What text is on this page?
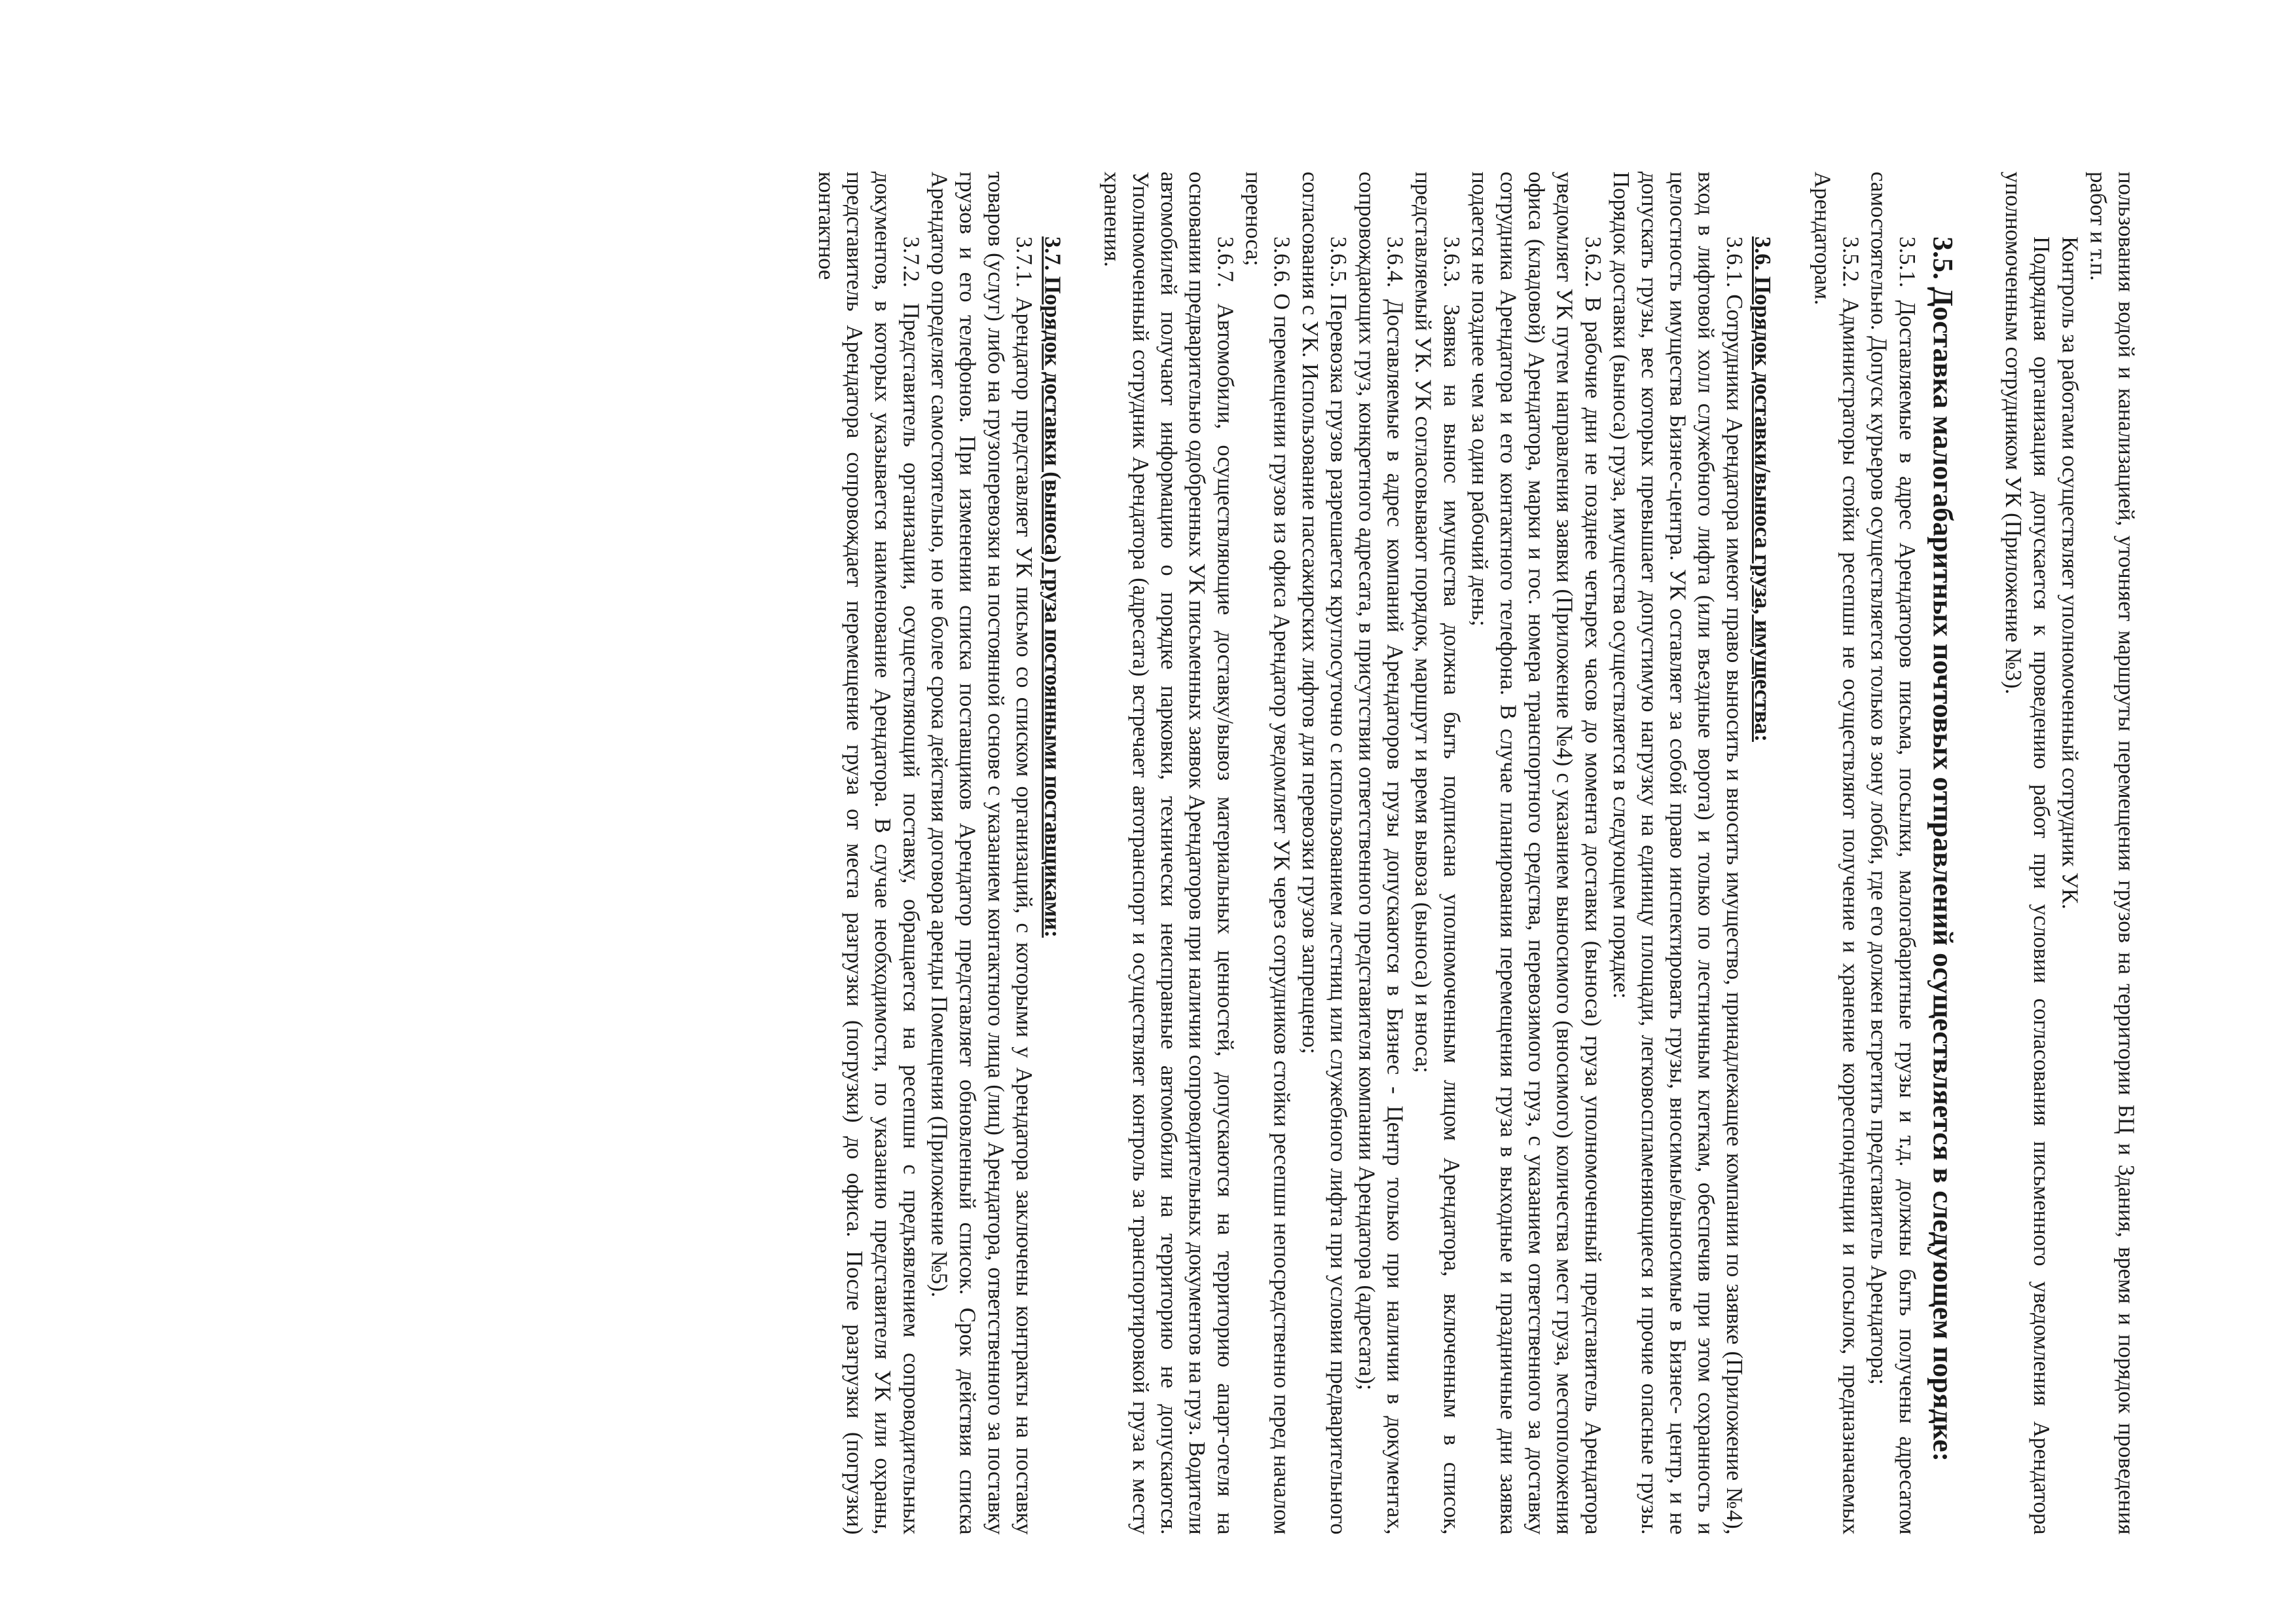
пользования водой и канализацией, уточняет маршруты перемещения грузов на территории БЦ и Здания, время и порядок проведения работ и т.п.

Контроль за работами осуществляет уполномоченный сотрудник УК.

Подрядная организация допускается к проведению работ при условии согласования письменного уведомления Арендатора уполномоченным сотрудником УК (Приложение №3).

3.5. Доставка малогабаритных почтовых отправлений осуществляется в следующем порядке:

3.5.1. Доставляемые в адрес Арендаторов письма, посылки, малогабаритные грузы и т.д. должны быть получены адресатом самостоятельно. Допуск курьеров осуществляется только в зону лобби, где его должен встретить представитель Арендатора;

3.5.2. Администраторы стойки ресепшн не осуществляют получение и хранение корреспонденции и посылок, предназначаемых Арендаторам.

3.6. Порядок доставки/выноса груза, имущества:

3.6.1. Сотрудники Арендатора имеют право выносить и вносить имущество, принадлежащее компании по заявке (Приложение №4), вход в лифтовой холл служебного лифта (или въездные ворота) и только по лестничным клеткам, обеспечив при этом сохранность и целостность имущества Бизнес-центра. УК оставляет за собой право инспектировать грузы, вносимые/выносимые в Бизнес- центр, и не допускать грузы, вес которых превышает допустимую нагрузку на единицу площади, легковоспламеняющиеся и прочие опасные грузы. Порядок доставки (выноса) груза, имущества осуществляется в следующем порядке:

3.6.2. В рабочие дни не позднее четырех часов до момента доставки (выноса) груза уполномоченный представитель Арендатора уведомляет УК путем направления заявки (Приложение №4) с указанием выносимого (вносимого) количества мест груза, местоположения офиса (кладовой) Арендатора, марки и гос. номера транспортного средства, перевозимого груз, с указанием ответственного за доставку сотрудника Арендатора и его контактного телефона. В случае планирования перемещения груза в выходные и праздничные дни заявка подается не позднее чем за один рабочий день;

3.6.3. Заявка на вынос имущества должна быть подписана уполномоченным лицом Арендатора, включенным в список, представляемый УК. УК согласовывают порядок, маршрут и время вывоза (выноса) и вноса;

3.6.4. Доставляемые в адрес компаний Арендаторов грузы допускаются в Бизнес - Центр только при наличии в документах, сопровождающих груз, конкретного адресата, в присутствии ответственного представителя компании Арендатора (адресата);

3.6.5. Перевозка грузов разрешается круглосуточно с использованием лестниц или служебного лифта при условии предварительного согласования с УК. Использование пассажирских лифтов для перевозки грузов запрещено;

3.6.6. О перемещении грузов из офиса Арендатор уведомляет УК через сотрудников стойки ресепшн непосредственно перед началом переноса;

3.6.7. Автомобили, осуществляющие доставку/вывоз материальных ценностей, допускаются на территорию апарт-отеля на основании предварительно одобренных УК письменных заявок Арендаторов при наличии сопроводительных документов на груз. Водители автомобилей получают информацию о порядке парковки, технически неисправные автомобили на территорию не допускаются. Уполномоченный сотрудник Арендатора (адресата) встречает автотранспорт и осуществляет контроль за транспортировкой груза к месту хранения.

3.7. Порядок доставки (выноса) груза постоянными поставщиками:

3.7.1. Арендатор представляет УК письмо со списком организаций, с которыми у Арендатора заключены контракты на поставку товаров (услуг) либо на грузоперевозки на постоянной основе с указанием контактного лица (лиц) Арендатора, ответственного за поставку грузов и его телефонов. При изменении списка поставщиков Арендатор представляет обновленный список. Срок действия списка Арендатор определяет самостоятельно, но не более срока действия договора аренды Помещения (Приложение №5).

3.7.2. Представитель организации, осуществляющий поставку, обращается на ресепшн с предъявлением сопроводительных документов, в которых указывается наименование Арендатора. В случае необходимости, по указанию представителя УК или охраны, представитель Арендатора сопровождает перемещение груза от места разгрузки (погрузки) до офиса. После разгрузки (погрузки) контактное
